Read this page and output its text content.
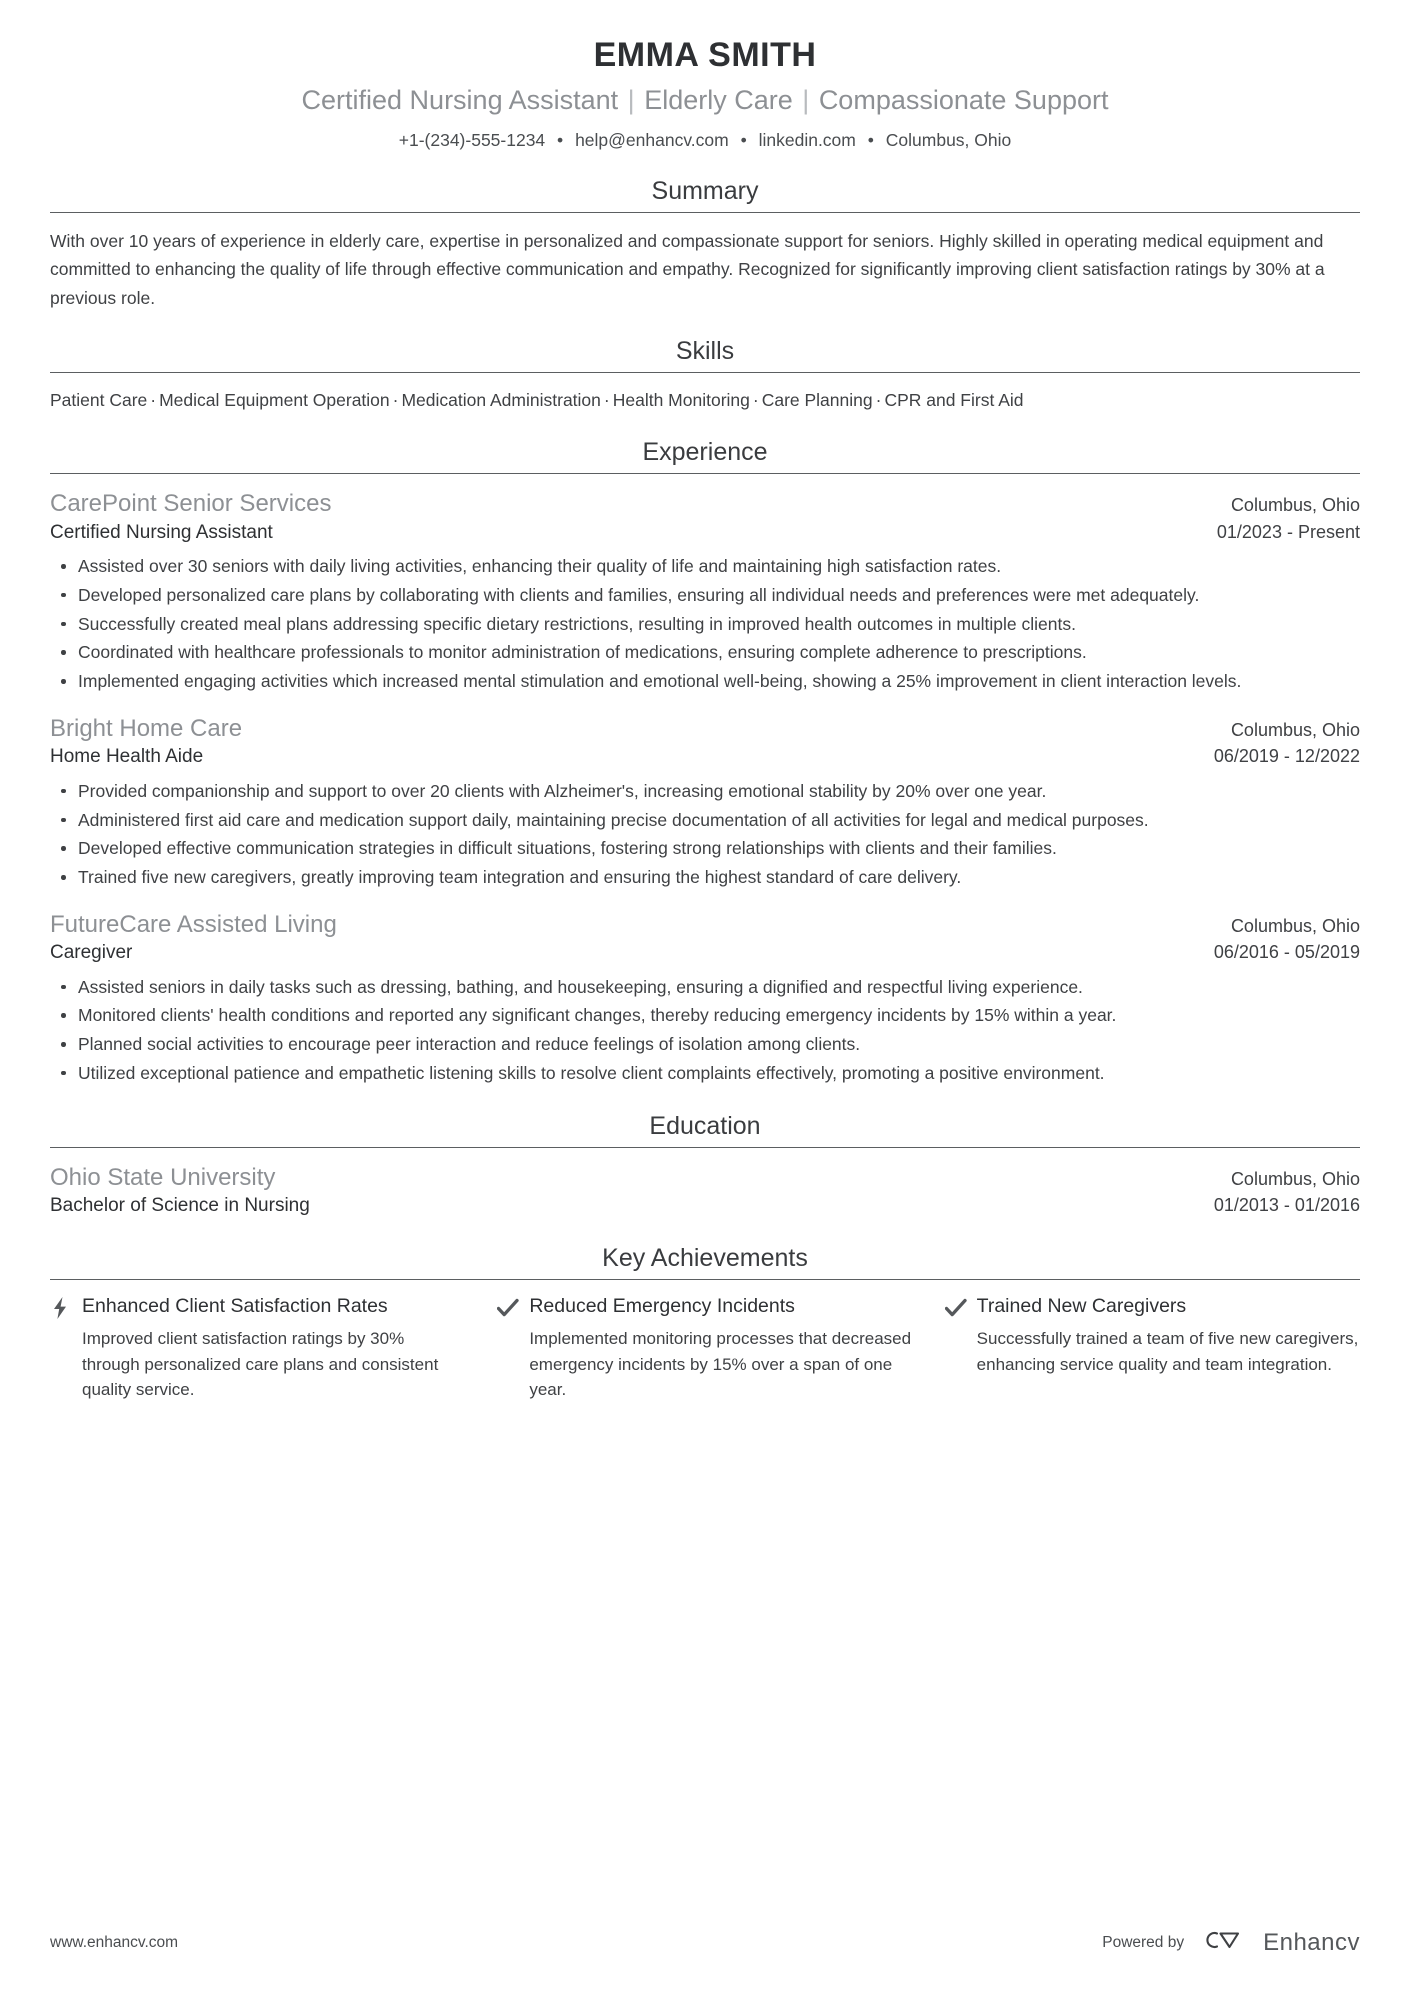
EMMA SMITH
Certified Nursing Assistant | Elderly Care | Compassionate Support
+1-(234)-555-1234 • help@enhancv.com • linkedin.com • Columbus, Ohio
Summary
With over 10 years of experience in elderly care, expertise in personalized and compassionate support for seniors. Highly skilled in operating medical equipment and committed to enhancing the quality of life through effective communication and empathy. Recognized for significantly improving client satisfaction ratings by 30% at a previous role.
Skills
Patient Care · Medical Equipment Operation · Medication Administration · Health Monitoring · Care Planning · CPR and First Aid
Experience
CarePoint Senior Services	Columbus, Ohio
Certified Nursing Assistant	01/2023 - Present
Assisted over 30 seniors with daily living activities, enhancing their quality of life and maintaining high satisfaction rates.
Developed personalized care plans by collaborating with clients and families, ensuring all individual needs and preferences were met adequately.
Successfully created meal plans addressing specific dietary restrictions, resulting in improved health outcomes in multiple clients.
Coordinated with healthcare professionals to monitor administration of medications, ensuring complete adherence to prescriptions.
Implemented engaging activities which increased mental stimulation and emotional well-being, showing a 25% improvement in client interaction levels.
Bright Home Care	Columbus, Ohio
Home Health Aide	06/2019 - 12/2022
Provided companionship and support to over 20 clients with Alzheimer's, increasing emotional stability by 20% over one year.
Administered first aid care and medication support daily, maintaining precise documentation of all activities for legal and medical purposes.
Developed effective communication strategies in difficult situations, fostering strong relationships with clients and their families.
Trained five new caregivers, greatly improving team integration and ensuring the highest standard of care delivery.
FutureCare Assisted Living	Columbus, Ohio
Caregiver	06/2016 - 05/2019
Assisted seniors in daily tasks such as dressing, bathing, and housekeeping, ensuring a dignified and respectful living experience.
Monitored clients' health conditions and reported any significant changes, thereby reducing emergency incidents by 15% within a year.
Planned social activities to encourage peer interaction and reduce feelings of isolation among clients.
Utilized exceptional patience and empathetic listening skills to resolve client complaints effectively, promoting a positive environment.
Education
Ohio State University	Columbus, Ohio
Bachelor of Science in Nursing	01/2013 - 01/2016
Key Achievements
Enhanced Client Satisfaction Rates
Improved client satisfaction ratings by 30% through personalized care plans and consistent quality service.
Reduced Emergency Incidents
Implemented monitoring processes that decreased emergency incidents by 15% over a span of one year.
Trained New Caregivers
Successfully trained a team of five new caregivers, enhancing service quality and team integration.
www.enhancv.com	Powered by	Enhancv
